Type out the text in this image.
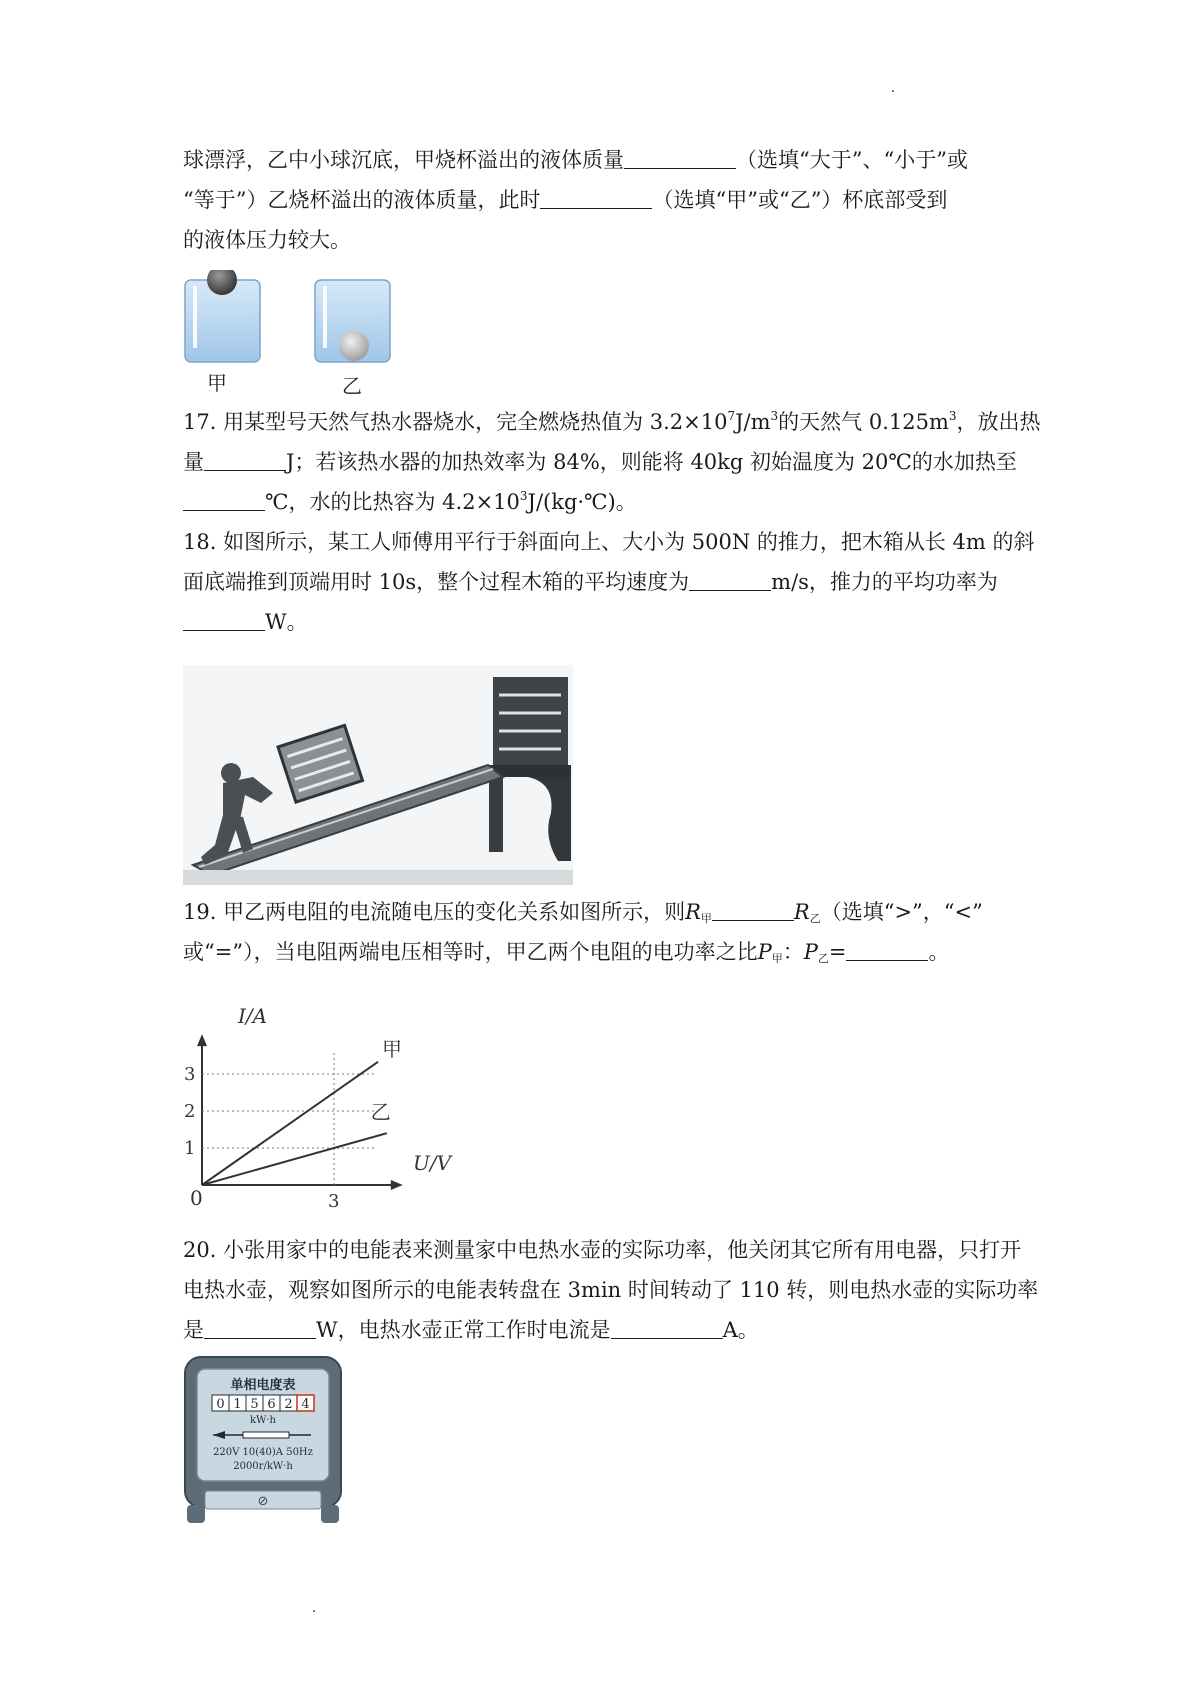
球漂浮，乙中小球沉底，甲烧杯溢出的液体质量	（选填“大于”、“小于”或
“等于”）乙烧杯溢出的液体质量，此时	（选填“甲”或“乙”）杯底部受到
的液体压力较大。
甲	乙
17. 用某型号天然气热水器烧水，完全燃烧热值为 $3.2\times 10^7J/m^3$的天然气 $0.125m^3$，放出热
量	J；若该热水器的加热效率为 84%，则能将 40kg 初始温度为 20℃的水加热至
℃，水的比热容为 $4.2\times 10^3J/(kg\cdot℃)$。
18. 如图所示，某工人师傅用平行于斜面向上、大小为 500N 的推力，把木箱从长 4m 的斜
面底端推到顶端用时 10s，整个过程木箱的平均速度为	m/s，推力的平均功率为
W。
19. 甲乙两电阻的电流随电压的变化关系如图所示，则$R_甲$	$R_乙$（选填“>”，“<”
或“=”），当电阻两端电压相等时，甲乙两个电阻的电功率之比$P_甲$：$P_乙=$	。
I/A
U/V
0
甲
乙
1
2
3
3
20. 小张用家中的电能表来测量家中电热水壶的实际功率，他关闭其它所有用电器，只打开
电热水壶，观察如图所示的电能表转盘在 3min 时间转动了 110 转，则电热水壶的实际功率
是	W，电热水壶正常工作时电流是	A。
单相电度表
0 1 5 6 2 4
kW·h
220V 10(40)A 50Hz
2000r/kW·h
⊘
